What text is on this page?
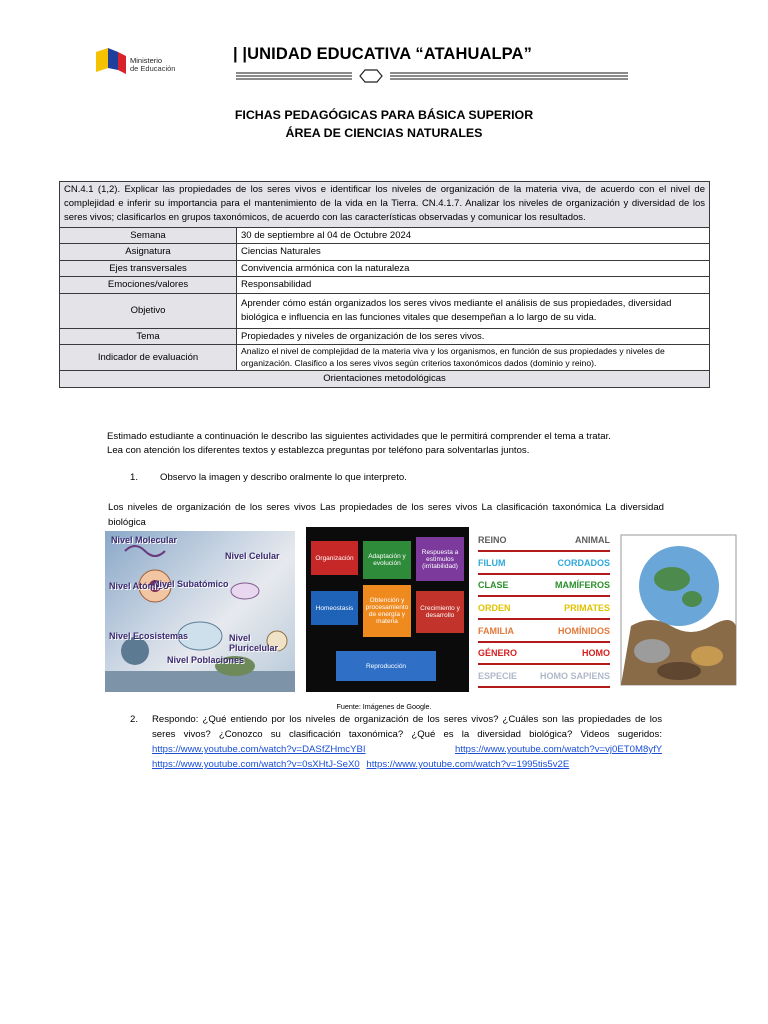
Ministerio
de Educación
| |UNIDAD EDUCATIVA “ATAHUALPA”
FICHAS PEDAGÓGICAS PARA BÁSICA SUPERIOR
ÁREA DE CIENCIAS NATURALES
CN.4.1 (1,2). Explicar las propiedades de los seres vivos e identificar los niveles de organización de la materia viva, de acuerdo con el nivel de complejidad e inferir su importancia para el mantenimiento de la vida en la Tierra. CN.4.1.7. Analizar los niveles de organización y diversidad de los seres vivos; clasificarlos en grupos taxonómicos, de acuerdo con las características observadas y comunicar los resultados.	
Semana	30 de septiembre al 04 de Octubre 2024
Asignatura	Ciencias Naturales
Ejes transversales	Convivencia armónica con la naturaleza
Emociones/valores	Responsabilidad
Objetivo	Aprender cómo están organizados los seres vivos mediante el análisis de sus propiedades, diversidad biológica e influencia en las funciones vitales que desempeñan a lo largo de su vida.
Tema	Propiedades y niveles de organización de los seres vivos.
Indicador de evaluación	Analizo el nivel de complejidad de la materia viva y los organismos, en función de sus propiedades y niveles de organización. Clasifico a los seres vivos según criterios taxonómicos dados (dominio y reino).
Orientaciones metodológicas	
Estimado estudiante a continuación le describo las siguientes actividades que le permitirá comprender el tema a tratar.
Lea con atención los diferentes textos y establezca preguntas por teléfono para solventarlas juntos.
1. Observo la imagen y describo oralmente lo que interpreto.
Los niveles de organización de los seres vivos Las propiedades de los seres vivos La clasificación taxonómica La diversidad biológica
Nivel Molecular
Nivel Celular
Nivel Atómico
Nivel Subatómico
Nivel Ecosistemas
Nivel Poblaciones
Nivel Pluricelular
Organización	Adaptación y evolución
Respuesta a estímulos (irritabilidad)
Homeostasis
Obtención y procesamiento de energía y materia
Crecimiento y desarrollo
Reproducción
REINO	ANIMAL
FILUM	CORDADOS
CLASE	MAMÍFEROS
ORDEN	PRIMATES
FAMILIA	HOMÍNIDOS
GÉNERO	HOMO
ESPECIE	HOMO SAPIENS
Fuente: Imágenes de Google.
2. Respondo: ¿Qué entiendo por los niveles de organización de los seres vivos? ¿Cuáles son las propiedades de los seres vivos? ¿Conozco su clasificación taxonómica? ¿Qué es la diversidad biológica? Videos sugeridos: https://www.youtube.com/watch?v=DASfZHmcYBI	https://www.youtube.com/watch?v=vj0ET0M8yfY https://www.youtube.com/watch?v=0sXHtJ-SeX0 https://www.youtube.com/watch?v=1995tis5v2E
